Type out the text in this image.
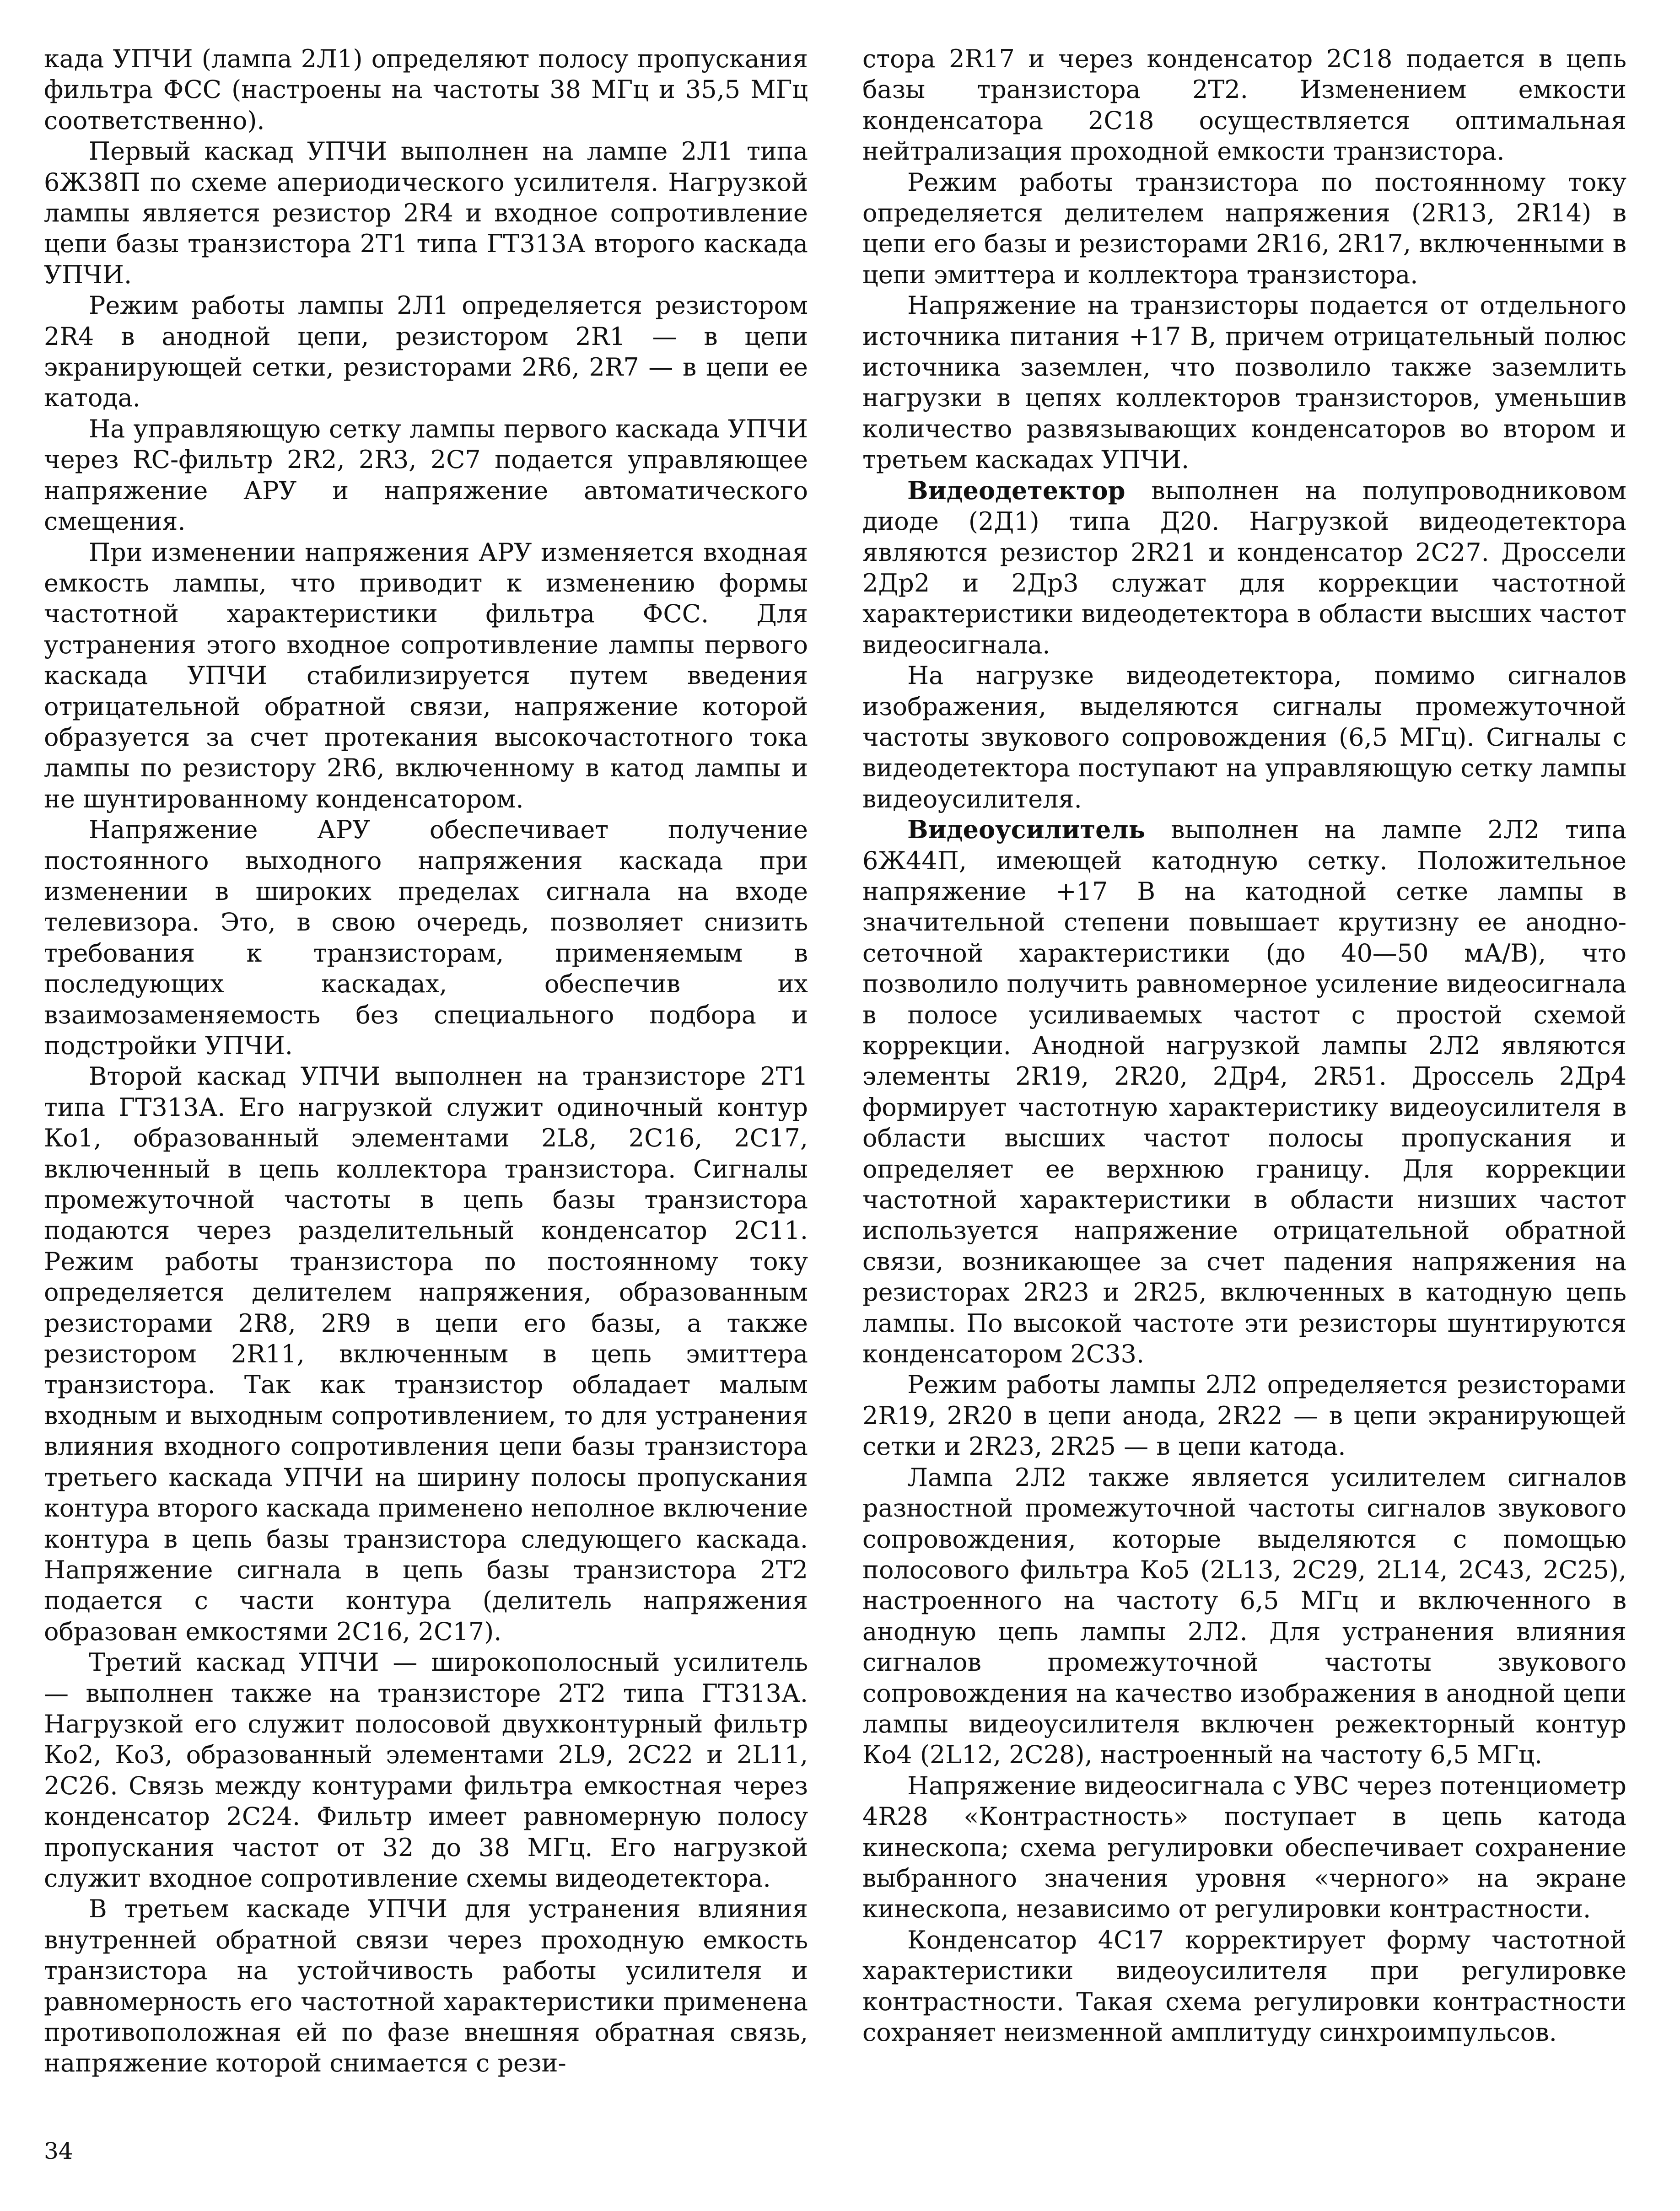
када УПЧИ (лампа 2Л1) определяют полосу пропускания фильтра ФСС (настроены на частоты 38 МГц и 35,5 МГц соответственно).

Первый каскад УПЧИ выполнен на лампе 2Л1 типа 6Ж38П по схеме апериодического усилителя. Нагрузкой лампы является резистор 2R4 и входное сопротивление цепи базы транзистора 2Т1 типа ГТ313А второго каскада УПЧИ.

Режим работы лампы 2Л1 определяется резистором 2R4 в анодной цепи, резистором 2R1 — в цепи экранирующей сетки, резисторами 2R6, 2R7 — в цепи ее катода.

На управляющую сетку лампы первого каскада УПЧИ через RC-фильтр 2R2, 2R3, 2C7 подается управляющее напряжение АРУ и напряжение автоматического смещения.

При изменении напряжения АРУ изменяется входная емкость лампы, что приводит к изменению формы частотной характеристики фильтра ФСС. Для устранения этого входное сопротивление лампы первого каскада УПЧИ стабилизируется путем введения отрицательной обратной связи, напряжение которой образуется за счет протекания высокочастотного тока лампы по резистору 2R6, включенному в катод лампы и не шунтированному конденсатором.

Напряжение АРУ обеспечивает получение постоянного выходного напряжения каскада при изменении в широких пределах сигнала на входе телевизора. Это, в свою очередь, позволяет снизить требования к транзисторам, применяемым в последующих каскадах, обеспечив их взаимозаменяемость без специального подбора и подстройки УПЧИ.

Второй каскад УПЧИ выполнен на транзисторе 2Т1 типа ГТ313А. Его нагрузкой служит одиночный контур Ко1, образованный элементами 2L8, 2C16, 2C17, включенный в цепь коллектора транзистора. Сигналы промежуточной частоты в цепь базы транзистора подаются через разделительный конденсатор 2C11. Режим работы транзистора по постоянному току определяется делителем напряжения, образованным резисторами 2R8, 2R9 в цепи его базы, а также резистором 2R11, включенным в цепь эмиттера транзистора. Так как транзистор обладает малым входным и выходным сопротивлением, то для устранения влияния входного сопротивления цепи базы транзистора третьего каскада УПЧИ на ширину полосы пропускания контура второго каскада применено неполное включение контура в цепь базы транзистора следующего каскада. Напряжение сигнала в цепь базы транзистора 2Т2 подается с части контура (делитель напряжения образован емкостями 2C16, 2C17).

Третий каскад УПЧИ — широкополосный усилитель — выполнен также на транзисторе 2Т2 типа ГТ313А. Нагрузкой его служит полосовой двухконтурный фильтр Ко2, Ко3, образованный элементами 2L9, 2C22 и 2L11, 2C26. Связь между контурами фильтра емкостная через конденсатор 2C24. Фильтр имеет равномерную полосу пропускания частот от 32 до 38 МГц. Его нагрузкой служит входное сопротивление схемы видеодетектора.

В третьем каскаде УПЧИ для устранения влияния внутренней обратной связи через проходную емкость транзистора на устойчивость работы усилителя и равномерность его частотной характеристики применена противоположная ей по фазе внешняя обратная связь, напряжение которой снимается с рези-

стора 2R17 и через конденсатор 2C18 подается в цепь базы транзистора 2Т2. Изменением емкости конденсатора 2C18 осуществляется оптимальная нейтрализация проходной емкости транзистора.

Режим работы транзистора по постоянному току определяется делителем напряжения (2R13, 2R14) в цепи его базы и резисторами 2R16, 2R17, включенными в цепи эмиттера и коллектора транзистора.

Напряжение на транзисторы подается от отдельного источника питания +17 В, причем отрицательный полюс источника заземлен, что позволило также заземлить нагрузки в цепях коллекторов транзисторов, уменьшив количество развязывающих конденсаторов во втором и третьем каскадах УПЧИ.

Видеодетектор выполнен на полупроводниковом диоде (2Д1) типа Д20. Нагрузкой видеодетектора являются резистор 2R21 и конденсатор 2C27. Дроссели 2Др2 и 2Др3 служат для коррекции частотной характеристики видеодетектора в области высших частот видеосигнала.

На нагрузке видеодетектора, помимо сигналов изображения, выделяются сигналы промежуточной частоты звукового сопровождения (6,5 МГц). Сигналы с видеодетектора поступают на управляющую сетку лампы видеоусилителя.

Видеоусилитель выполнен на лампе 2Л2 типа 6Ж44П, имеющей катодную сетку. Положительное напряжение +17 В на катодной сетке лампы в значительной степени повышает крутизну ее анодно-сеточной характеристики (до 40—50 мА/В), что позволило получить равномерное усиление видеосигнала в полосе усиливаемых частот с простой схемой коррекции. Анодной нагрузкой лампы 2Л2 являются элементы 2R19, 2R20, 2Др4, 2R51. Дроссель 2Др4 формирует частотную характеристику видеоусилителя в области высших частот полосы пропускания и определяет ее верхнюю границу. Для коррекции частотной характеристики в области низших частот используется напряжение отрицательной обратной связи, возникающее за счет падения напряжения на резисторах 2R23 и 2R25, включенных в катодную цепь лампы. По высокой частоте эти резисторы шунтируются конденсатором 2C33.

Режим работы лампы 2Л2 определяется резисторами 2R19, 2R20 в цепи анода, 2R22 — в цепи экранирующей сетки и 2R23, 2R25 — в цепи катода.

Лампа 2Л2 также является усилителем сигналов разностной промежуточной частоты сигналов звукового сопровождения, которые выделяются с помощью полосового фильтра Ко5 (2L13, 2C29, 2L14, 2C43, 2C25), настроенного на частоту 6,5 МГц и включенного в анодную цепь лампы 2Л2. Для устранения влияния сигналов промежуточной частоты звукового сопровождения на качество изображения в анодной цепи лампы видеоусилителя включен режекторный контур Ко4 (2L12, 2C28), настроенный на частоту 6,5 МГц.

Напряжение видеосигнала с УВС через потенциометр 4R28 «Контрастность» поступает в цепь катода кинескопа; схема регулировки обеспечивает сохранение выбранного значения уровня «черного» на экране кинескопа, независимо от регулировки контрастности.

Конденсатор 4C17 корректирует форму частотной характеристики видеоусилителя при регулировке контрастности. Такая схема регулировки контрастности сохраняет неизменной амплитуду синхроимпульсов.

34
